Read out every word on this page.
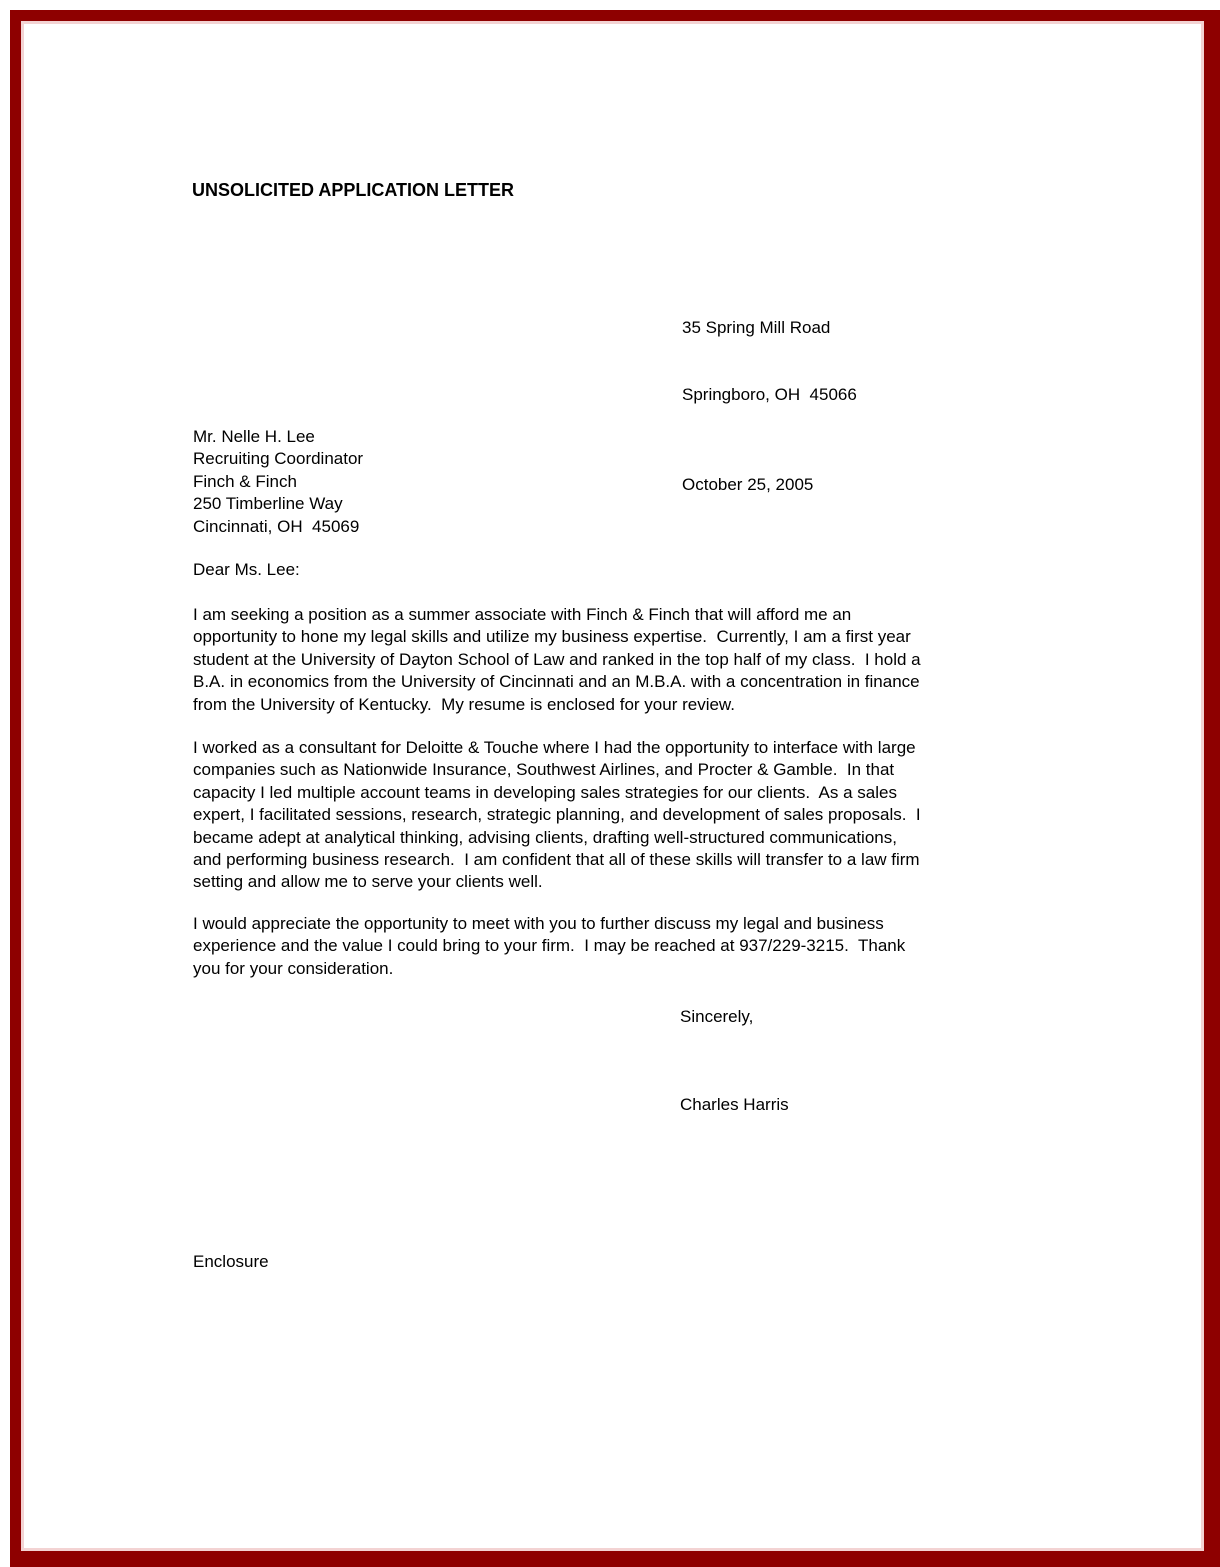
UNSOLICITED APPLICATION LETTER

35 Spring Mill Road

Springboro, OH  45066

October 25, 2005

Mr. Nelle H. Lee
Recruiting Coordinator
Finch & Finch
250 Timberline Way
Cincinnati, OH  45069

Dear Ms. Lee:

I am seeking a position as a summer associate with Finch & Finch that will afford me an
opportunity to hone my legal skills and utilize my business expertise.  Currently, I am a first year
student at the University of Dayton School of Law and ranked in the top half of my class.  I hold a
B.A. in economics from the University of Cincinnati and an M.B.A. with a concentration in finance
from the University of Kentucky.  My resume is enclosed for your review.
I worked as a consultant for Deloitte & Touche where I had the opportunity to interface with large
companies such as Nationwide Insurance, Southwest Airlines, and Procter & Gamble.  In that
capacity I led multiple account teams in developing sales strategies for our clients.  As a sales
expert, I facilitated sessions, research, strategic planning, and development of sales proposals.  I
became adept at analytical thinking, advising clients, drafting well-structured communications,
and performing business research.  I am confident that all of these skills will transfer to a law firm
setting and allow me to serve your clients well.
I would appreciate the opportunity to meet with you to further discuss my legal and business
experience and the value I could bring to your firm.  I may be reached at 937/229-3215.  Thank
you for your consideration.

Sincerely,

Charles Harris

Enclosure
